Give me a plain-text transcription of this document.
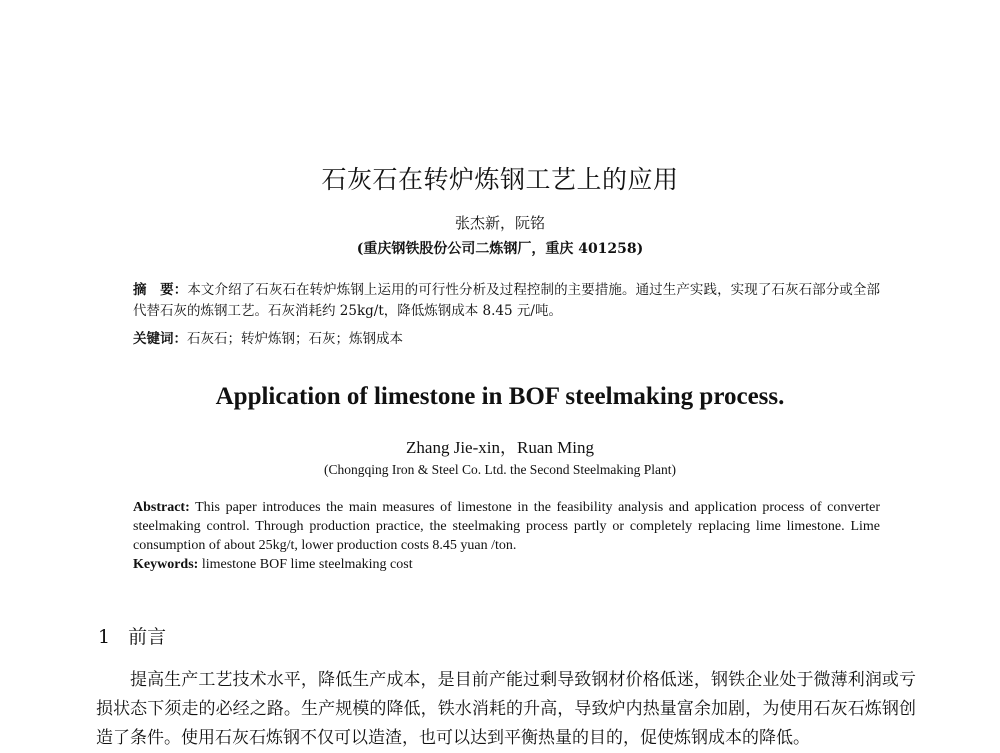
石灰石在转炉炼钢工艺上的应用
张杰新，阮铭
(重庆钢铁股份公司二炼钢厂，重庆 401258)

摘　要：本文介绍了石灰石在转炉炼钢上运用的可行性分析及过程控制的主要措施。通过生产实践，实现了石灰石部分或全部代替石灰的炼钢工艺。石灰消耗约 25kg/t，降低炼钢成本 8.45 元/吨。

关键词：石灰石；转炉炼钢；石灰；炼钢成本

Application of limestone in BOF steelmaking process.
Zhang Jie-xin，Ruan Ming
(Chongqing Iron & Steel Co. Ltd. the Second Steelmaking Plant)

Abstract: This paper introduces the main measures of limestone in the feasibility analysis and application process of converter steelmaking control. Through production practice, the steelmaking process partly or completely replacing lime limestone. Lime consumption of about 25kg/t, lower production costs 8.45 yuan /ton.

Keywords: limestone BOF lime steelmaking cost

1 前言

提高生产工艺技术水平，降低生产成本，是目前产能过剩导致钢材价格低迷，钢铁企业处于微薄利润或亏损状态下须走的必经之路。生产规模的降低，铁水消耗的升高，导致炉内热量富余加剧，为使用石灰石炼钢创造了条件。使用石灰石炼钢不仅可以造渣，也可以达到平衡热量的目的，促使炼钢成本的降低。
